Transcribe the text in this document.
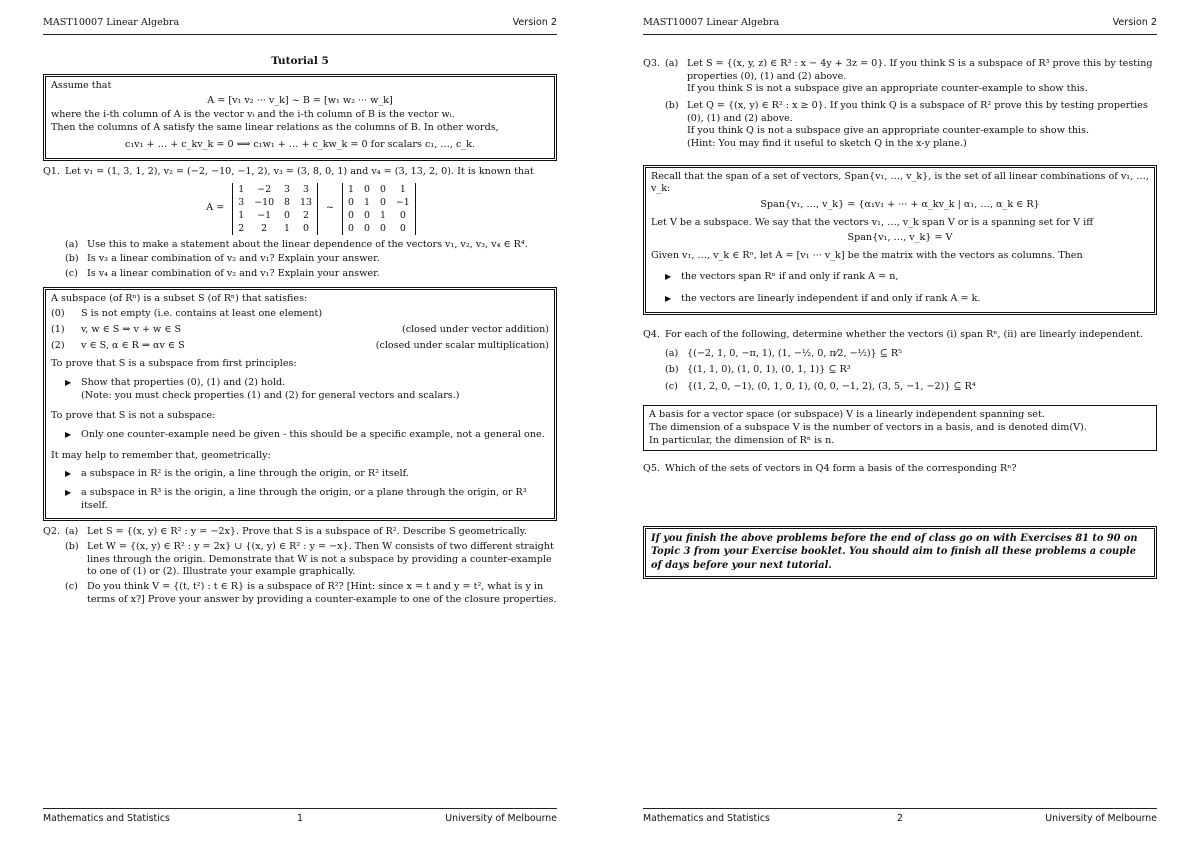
MAST10007 Linear Algebra	Version 2
Tutorial 5
Assume that
A = [v₁ v₂ ··· v_k] ~ B = [w₁ w₂ ··· w_k]
where the i-th column of A is the vector vᵢ and the i-th column of B is the vector wᵢ.
Then the columns of A satisfy the same linear relations as the columns of B. In other words,
c₁v₁ + … + c_kv_k = 0 ⟺ c₁w₁ + … + c_kw_k = 0 for scalars c₁, …, c_k.
Q1. Let v₁ = (1, 3, 1, 2), v₂ = (−2, −10, −1, 2), v₃ = (3, 8, 0, 1) and v₄ = (3, 13, 2, 0). It is known that
A =
1	−2	3	3
3	−10	8	13
1	−1	0	2
2	2	1	0
~
1	0	0	1
0	1	0	−1
0	0	1	0
0	0	0	0
(a) Use this to make a statement about the linear dependence of the vectors v₁, v₂, v₃, v₄ ∈ R⁴.
(b) Is v₃ a linear combination of v₂ and v₁? Explain your answer.
(c) Is v₄ a linear combination of v₂ and v₁? Explain your answer.
A subspace (of Rⁿ) is a subset S (of Rⁿ) that satisfies:
(0)	S is not empty (i.e. contains at least one element)
(1)	v, w ∈ S ⇒ v + w ∈ S	(closed under vector addition)
(2)	v ∈ S, α ∈ R ⇒ αv ∈ S	(closed under scalar multiplication)
To prove that S is a subspace from first principles:
▶	Show that properties (0), (1) and (2) hold.
(Note: you must check properties (1) and (2) for general vectors and scalars.)
To prove that S is not a subspace:
▶	Only one counter-example need be given - this should be a specific example, not a general one.
It may help to remember that, geometrically:
▶	a subspace in R² is the origin, a line through the origin, or R² itself.
▶	a subspace in R³ is the origin, a line through the origin, or a plane through the origin, or R³ itself.
Q2. (a) Let S = {(x, y) ∈ R² : y = −2x}. Prove that S is a subspace of R². Describe S geometrically.
(b) Let W = {(x, y) ∈ R² : y = 2x} ∪ {(x, y) ∈ R² : y = −x}. Then W consists of two different straight lines through the origin. Demonstrate that W is not a subspace by providing a counter-example to one of (1) or (2). Illustrate your example graphically.
(c) Do you think V = {(t, t²) : t ∈ R} is a subspace of R²? [Hint: since x = t and y = t², what is y in terms of x?] Prove your answer by providing a counter-example to one of the closure properties.
Mathematics and Statistics	1	University of Melbourne
MAST10007 Linear Algebra	Version 2
Q3. (a) Let S = {(x, y, z) ∈ R³ : x − 4y + 3z = 0}. If you think S is a subspace of R³ prove this by testing properties (0), (1) and (2) above.
If you think S is not a subspace give an appropriate counter-example to show this.
(b) Let Q = {(x, y) ∈ R² : x ≥ 0}. If you think Q is a subspace of R² prove this by testing properties (0), (1) and (2) above.
If you think Q is not a subspace give an appropriate counter-example to show this.
(Hint: You may find it useful to sketch Q in the x-y plane.)
Recall that the span of a set of vectors, Span{v₁, …, v_k}, is the set of all linear combinations of v₁, …, v_k:
Span{v₁, …, v_k} = {α₁v₁ + ··· + α_kv_k | α₁, …, α_k ∈ R}
Let V be a subspace. We say that the vectors v₁, …, v_k span V or is a spanning set for V iff
Span{v₁, …, v_k} = V
Given v₁, …, v_k ∈ Rⁿ, let A = [v₁ ··· v_k] be the matrix with the vectors as columns. Then
▶	the vectors span Rⁿ if and only if rank A = n,
▶	the vectors are linearly independent if and only if rank A = k.
Q4. For each of the following, determine whether the vectors (i) span Rⁿ, (ii) are linearly independent.
(a) {(−2, 1, 0, −π, 1), (1, −½, 0, π⁄2, −½)} ⊆ R⁵
(b) {(1, 1, 0), (1, 0, 1), (0, 1, 1)} ⊆ R³
(c) {(1, 2, 0, −1), (0, 1, 0, 1), (0, 0, −1, 2), (3, 5, −1, −2)} ⊆ R⁴
A basis for a vector space (or subspace) V is a linearly independent spanning set.
The dimension of a subspace V is the number of vectors in a basis, and is denoted dim(V).
In particular, the dimension of Rⁿ is n.
Q5. Which of the sets of vectors in Q4 form a basis of the corresponding Rⁿ?
If you finish the above problems before the end of class go on with Exercises 81 to 90 on Topic 3 from your Exercise booklet. You should aim to finish all these problems a couple of days before your next tutorial.
Mathematics and Statistics	2	University of Melbourne
